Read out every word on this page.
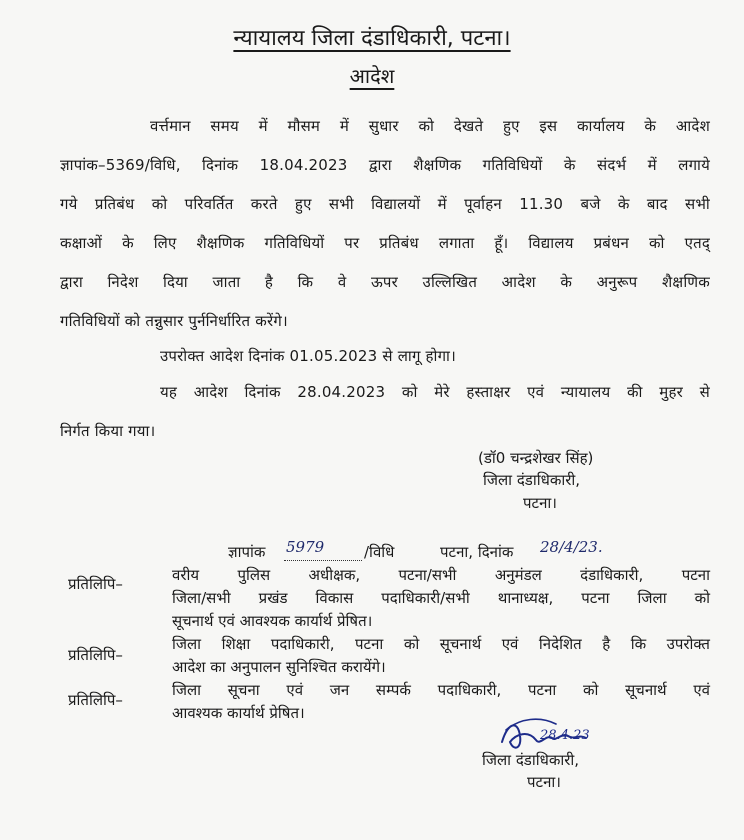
न्यायालय जिला दंडाधिकारी, पटना।
आदेश
वर्त्तमान समय में मौसम में सुधार को देखते हुए इस कार्यालय के आदेश
ज्ञापांक–5369/विधि, दिनांक 18.04.2023 द्वारा शैक्षणिक गतिविधियों के संदर्भ में लगाये
गये प्रतिबंध को परिवर्तित करते हुए सभी विद्यालयों में पूर्वाहन 11.30 बजे के बाद सभी
कक्षाओं के लिए शैक्षणिक गतिविधियों पर प्रतिबंध लगाता हूँ। विद्यालय प्रबंधन को एतद्
द्वारा निदेश दिया जाता है कि वे ऊपर उल्लिखित आदेश के अनुरूप शैक्षणिक
गतिविधियों को तन्नुसार पुर्ननिर्धारित करेंगे।
उपरोक्त आदेश दिनांक 01.05.2023 से लागू होगा।
यह आदेश दिनांक 28.04.2023 को मेरे हस्ताक्षर एवं न्यायालय की मुहर से
निर्गत किया गया।
(डॉ0 चन्द्रशेखर सिंह)
जिला दंडाधिकारी,
पटना।
ज्ञापांक 5979	/विधि	पटना, दिनांक 28/4/23.
प्रतिलिपि–	वरीय पुलिस अधीक्षक, पटना/सभी अनुमंडल दंडाधिकारी, पटना
जिला/सभी प्रखंड विकास पदाधिकारी/सभी थानाध्यक्ष, पटना जिला को
सूचनार्थ एवं आवश्यक कार्यार्थ प्रेषित।
प्रतिलिपि–
जिला शिक्षा पदाधिकारी, पटना को सूचनार्थ एवं निदेशित है कि उपरोक्त
आदेश का अनुपालन सुनिश्चित करायेंगे।
प्रतिलिपि–
जिला सूचना एवं जन सम्पर्क पदाधिकारी, पटना को सूचनार्थ एवं
आवश्यक कार्यार्थ प्रेषित।
28.4.23
जिला दंडाधिकारी,
पटना।
